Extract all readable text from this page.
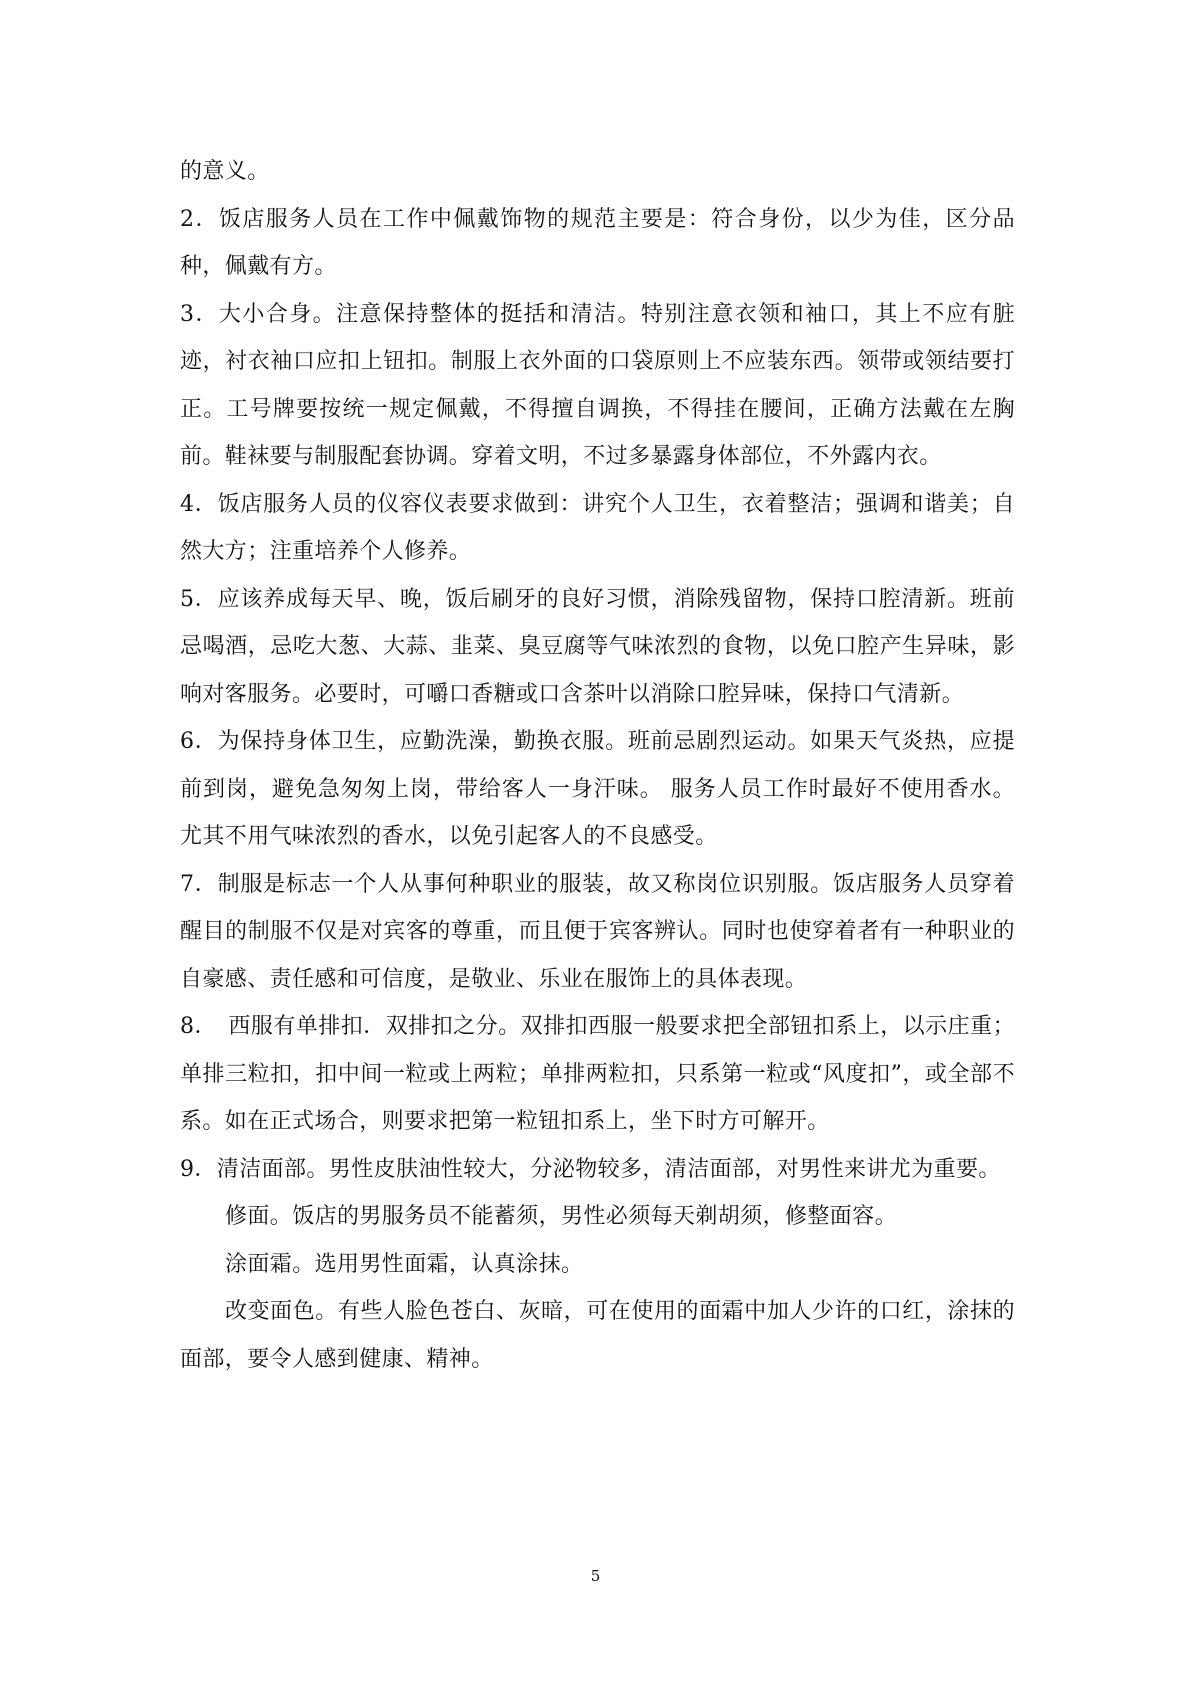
的意义。

2．饭店服务人员在工作中佩戴饰物的规范主要是：符合身份，以少为佳，区分品种，佩戴有方。

3．大小合身。注意保持整体的挺括和清洁。特别注意衣领和袖口，其上不应有脏迹，衬衣袖口应扣上钮扣。制服上衣外面的口袋原则上不应装东西。领带或领结要打正。工号牌要按统一规定佩戴，不得擅自调换，不得挂在腰间，正确方法戴在左胸前。鞋袜要与制服配套协调。穿着文明，不过多暴露身体部位，不外露内衣。

4．饭店服务人员的仪容仪表要求做到：讲究个人卫生，衣着整洁；强调和谐美；自然大方；注重培养个人修养。

5．应该养成每天早、晚，饭后刷牙的良好习惯，消除残留物，保持口腔清新。班前忌喝酒，忌吃大葱、大蒜、韭菜、臭豆腐等气味浓烈的食物，以免口腔产生异味，影响对客服务。必要时，可嚼口香糖或口含茶叶以消除口腔异味，保持口气清新。

6．为保持身体卫生，应勤洗澡，勤换衣服。班前忌剧烈运动。如果天气炎热，应提前到岗，避免急匆匆上岗，带给客人一身汗味。 服务人员工作时最好不使用香水。尤其不用气味浓烈的香水，以免引起客人的不良感受。

7．制服是标志一个人从事何种职业的服装，故又称岗位识别服。饭店服务人员穿着醒目的制服不仅是对宾客的尊重，而且便于宾客辨认。同时也使穿着者有一种职业的自豪感、责任感和可信度，是敬业、乐业在服饰上的具体表现。

8．　西服有单排扣．双排扣之分。双排扣西服一般要求把全部钮扣系上，以示庄重；单排三粒扣，扣中间一粒或上两粒；单排两粒扣，只系第一粒或“风度扣”，或全部不系。如在正式场合，则要求把第一粒钮扣系上，坐下时方可解开。

9．清洁面部。男性皮肤油性较大，分泌物较多，清洁面部，对男性来讲尤为重要。

修面。饭店的男服务员不能蓄须，男性必须每天剃胡须，修整面容。

涂面霜。选用男性面霜，认真涂抹。

改变面色。有些人脸色苍白、灰暗，可在使用的面霜中加人少许的口红，涂抹的面部，要令人感到健康、精神。

5
